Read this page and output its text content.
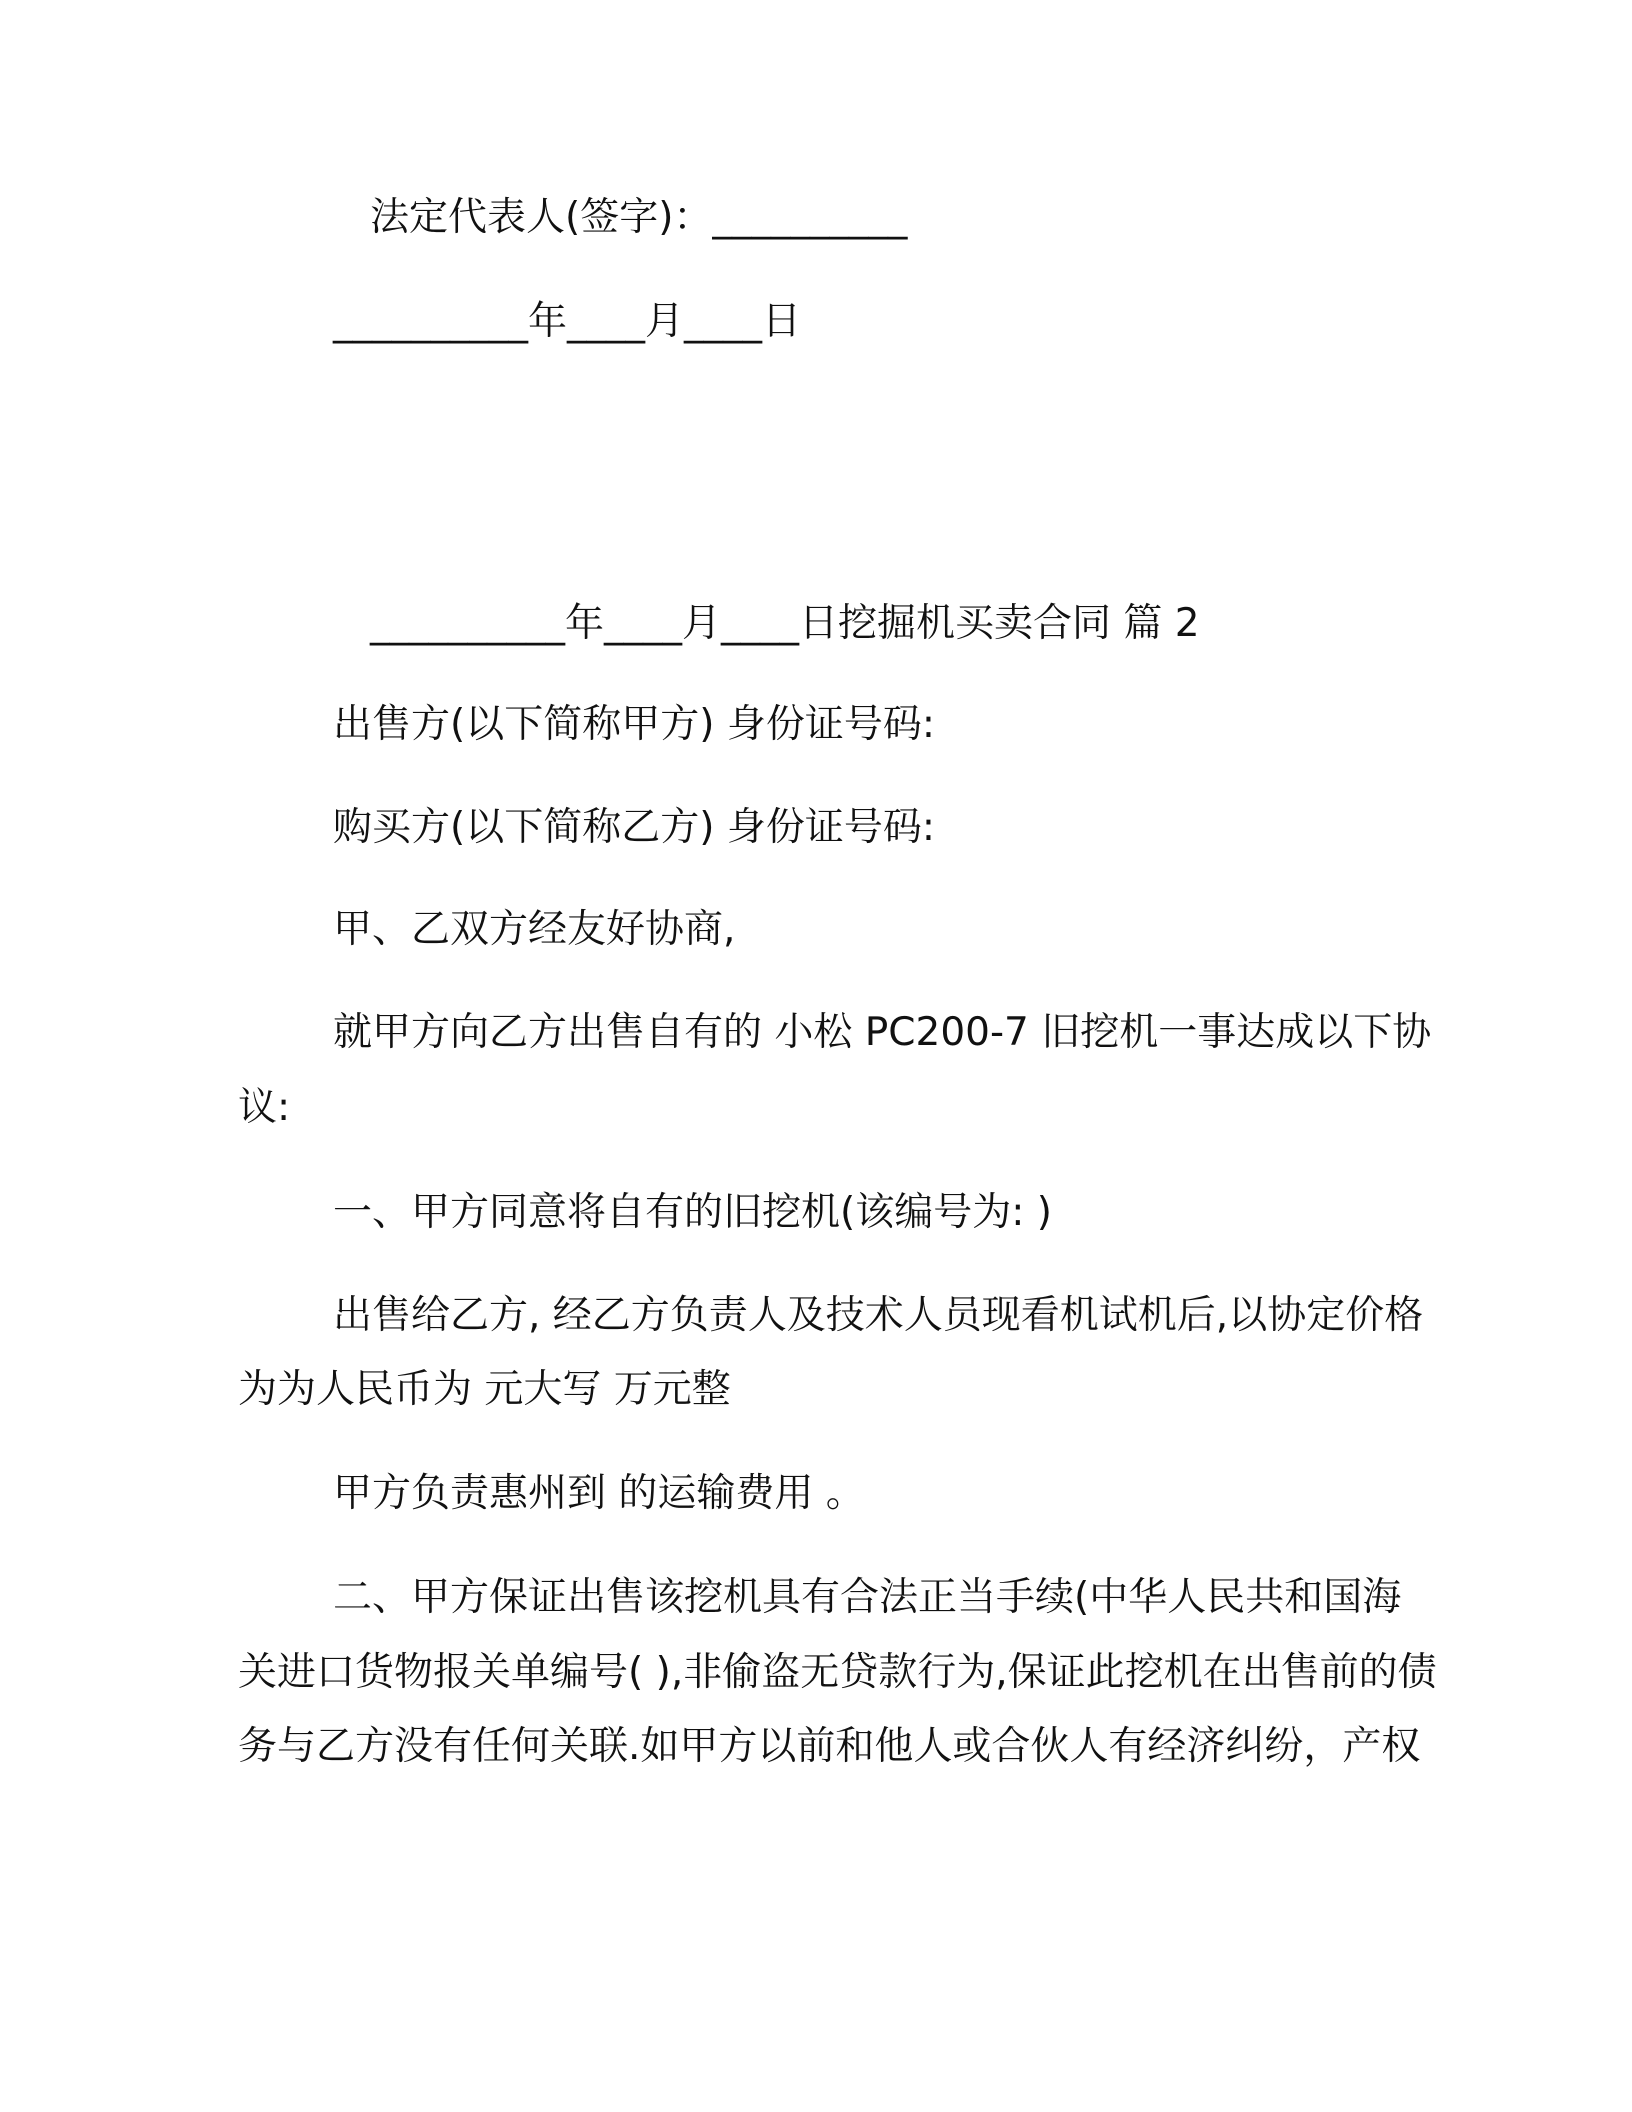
法定代表人(签字)：__________

__________年____月____日

__________年____月____日挖掘机买卖合同 篇 2

出售方(以下简称甲方) 身份证号码:

购买方(以下简称乙方) 身份证号码:

甲、乙双方经友好协商,

就甲方向乙方出售自有的 小松 PC200-7 旧挖机一事达成以下协

议:

一、甲方同意将自有的旧挖机(该编号为: )

出售给乙方, 经乙方负责人及技术人员现看机试机后,以协定价格

为为人民币为 元大写 万元整

甲方负责惠州到 的运输费用 。

二、甲方保证出售该挖机具有合法正当手续(中华人民共和国海

关进口货物报关单编号( ),非偷盗无贷款行为,保证此挖机在出售前的债

务与乙方没有任何关联.如甲方以前和他人或合伙人有经济纠纷，产权
